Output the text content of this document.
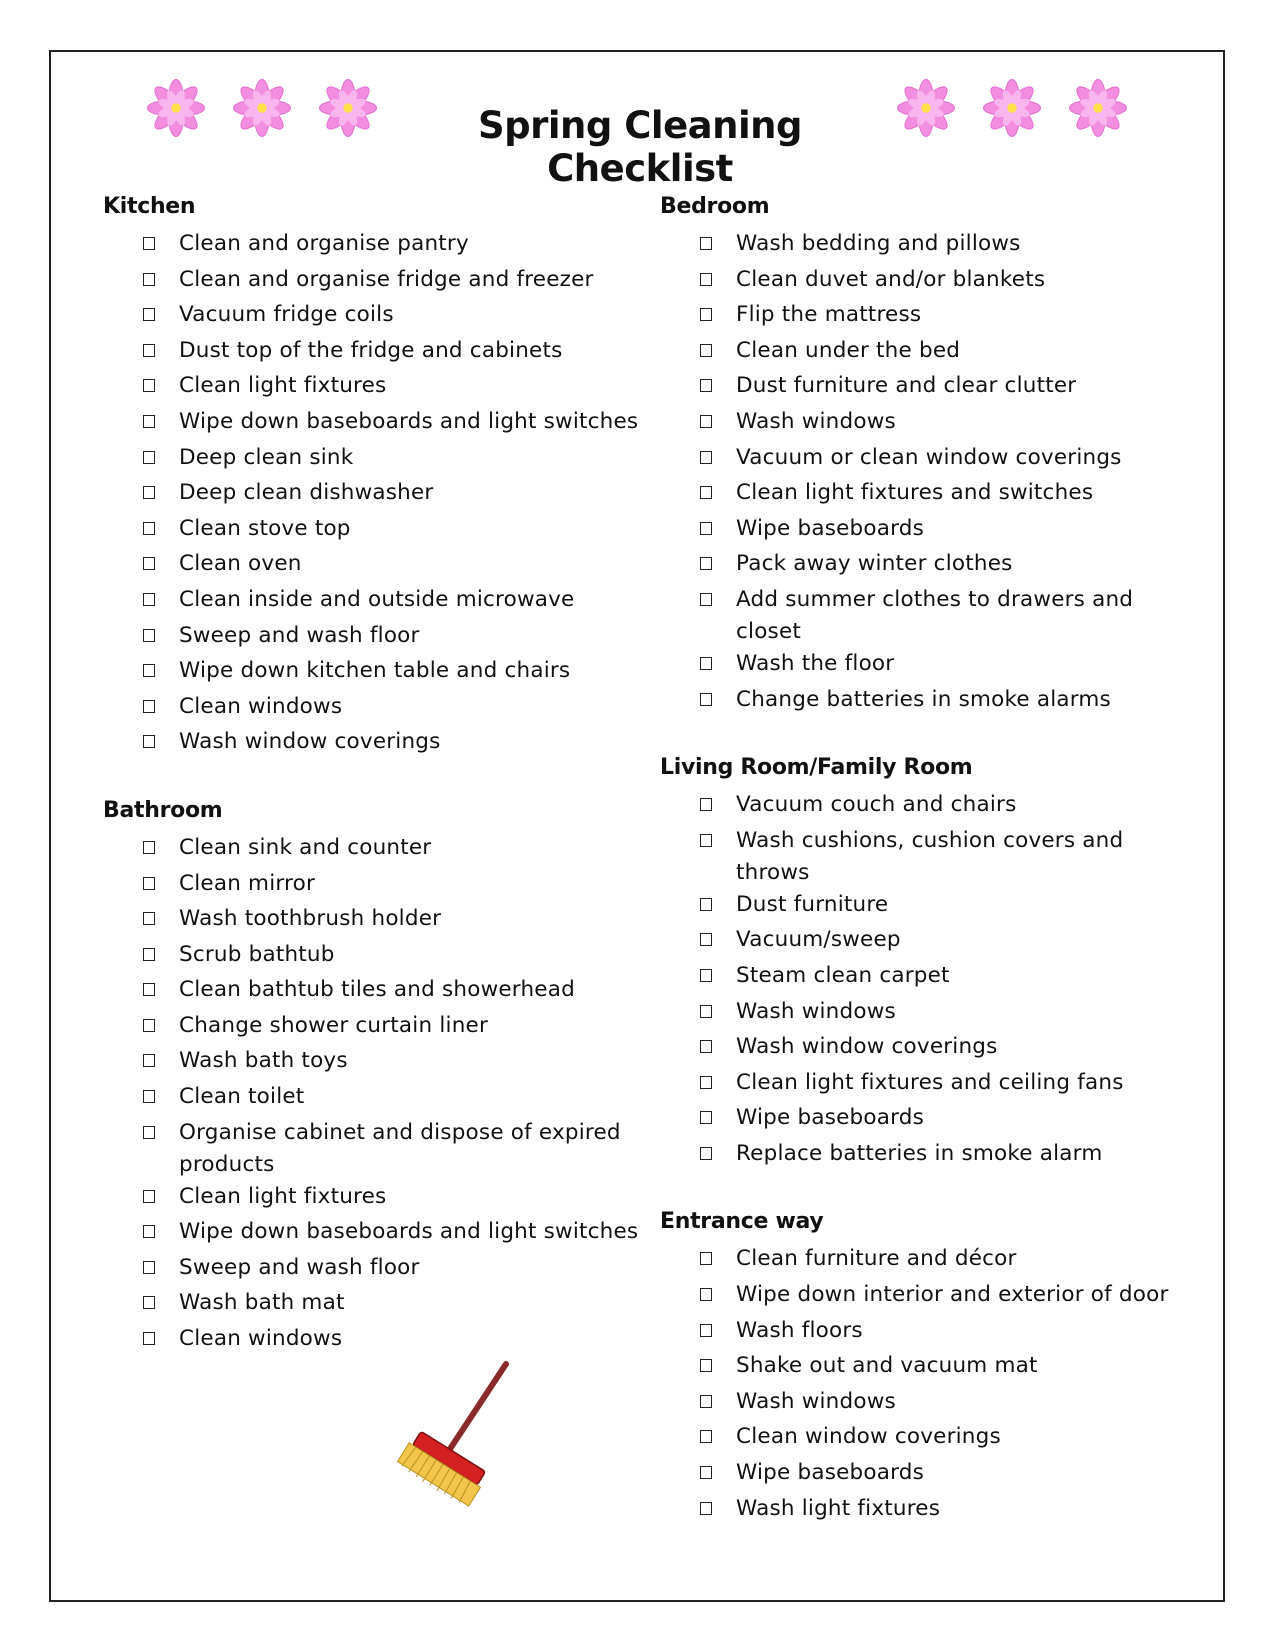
Spring Cleaning Checklist
Kitchen
Clean and organise pantry
Clean and organise fridge and freezer
Vacuum fridge coils
Dust top of the fridge and cabinets
Clean light fixtures
Wipe down baseboards and light switches
Deep clean sink
Deep clean dishwasher
Clean stove top
Clean oven
Clean inside and outside microwave
Sweep and wash floor
Wipe down kitchen table and chairs
Clean windows
Wash window coverings
Bathroom
Clean sink and counter
Clean mirror
Wash toothbrush holder
Scrub bathtub
Clean bathtub tiles and showerhead
Change shower curtain liner
Wash bath toys
Clean toilet
Organise cabinet and dispose of expired products
Clean light fixtures
Wipe down baseboards and light switches
Sweep and wash floor
Wash bath mat
Clean windows
Bedroom
Wash bedding and pillows
Clean duvet and/or blankets
Flip the mattress
Clean under the bed
Dust furniture and clear clutter
Wash windows
Vacuum or clean window coverings
Clean light fixtures and switches
Wipe baseboards
Pack away winter clothes
Add summer clothes to drawers and closet
Wash the floor
Change batteries in smoke alarms
Living Room/Family Room
Vacuum couch and chairs
Wash cushions, cushion covers and throws
Dust furniture
Vacuum/sweep
Steam clean carpet
Wash windows
Wash window coverings
Clean light fixtures and ceiling fans
Wipe baseboards
Replace batteries in smoke alarm
Entrance way
Clean furniture and décor
Wipe down interior and exterior of door
Wash floors
Shake out and vacuum mat
Wash windows
Clean window coverings
Wipe baseboards
Wash light fixtures
